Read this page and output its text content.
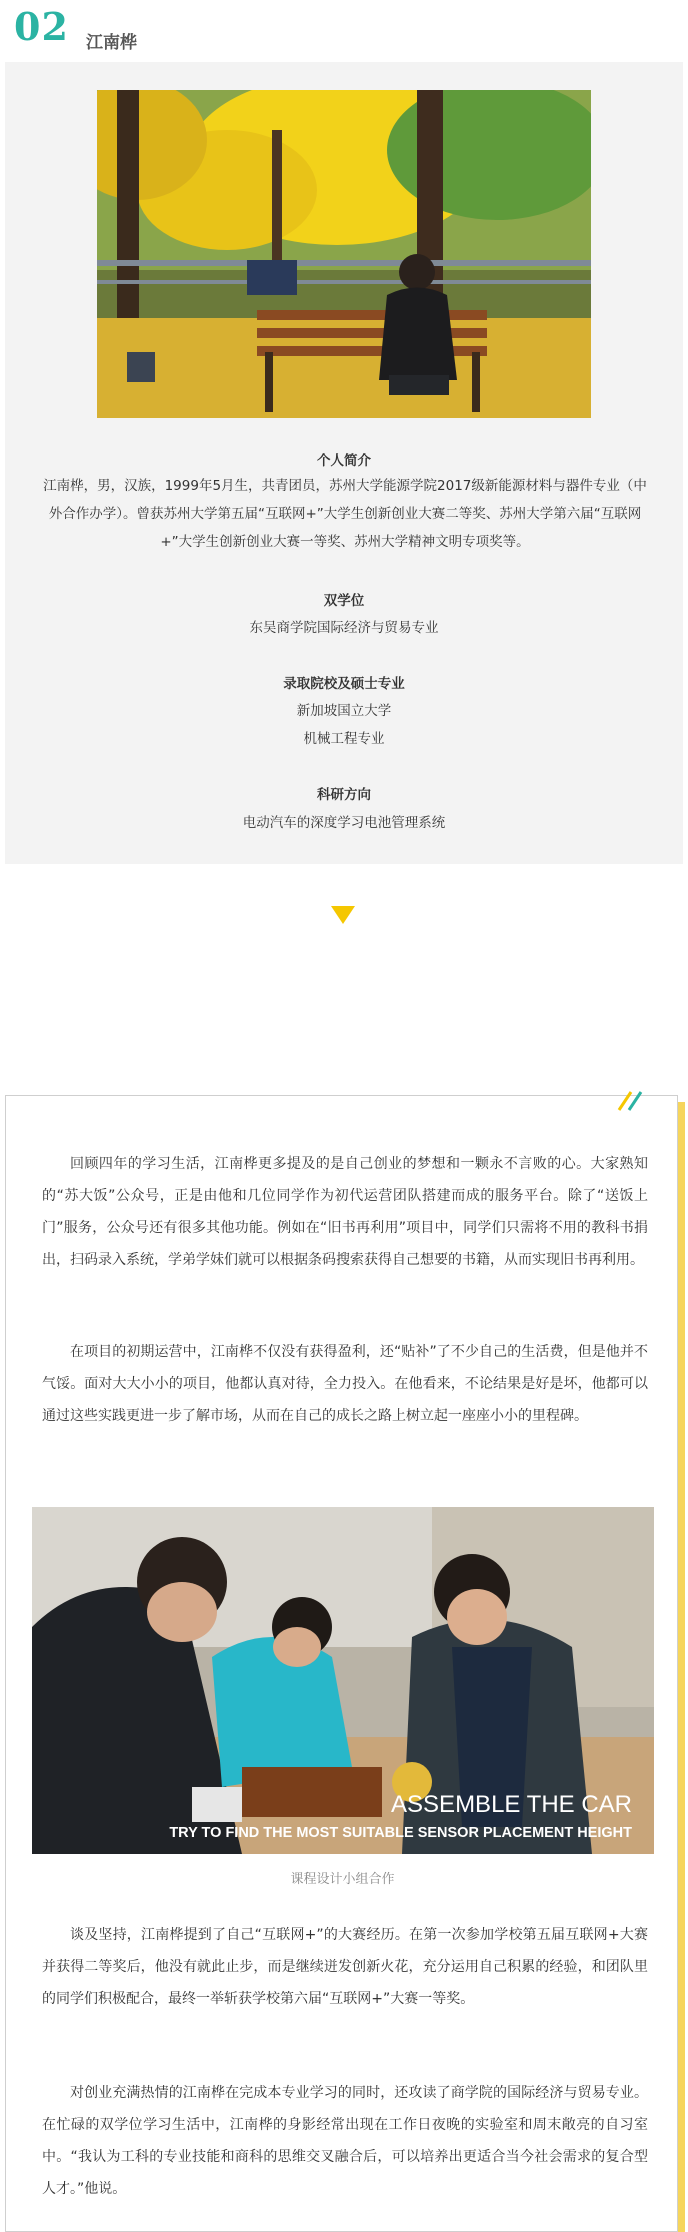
02 江南桦
个人简介
江南桦，男，汉族，1999年5月生，共青团员，苏州大学能源学院2017级新能源材料与器件专业（中外合作办学）。曾获苏州大学第五届“互联网+”大学生创新创业大赛二等奖、苏州大学第六届“互联网+”大学生创新创业大赛一等奖、苏州大学精神文明专项奖等。
双学位
东吴商学院国际经济与贸易专业
录取院校及硕士专业
新加坡国立大学
机械工程专业
科研方向
电动汽车的深度学习电池管理系统

回顾四年的学习生活，江南桦更多提及的是自己创业的梦想和一颗永不言败的心。大家熟知的“苏大饭”公众号，正是由他和几位同学作为初代运营团队搭建而成的服务平台。除了“送饭上门”服务，公众号还有很多其他功能。例如在“旧书再利用”项目中，同学们只需将不用的教科书捐出，扫码录入系统，学弟学妹们就可以根据条码搜索获得自己想要的书籍，从而实现旧书再利用。

在项目的初期运营中，江南桦不仅没有获得盈利，还“贴补”了不少自己的生活费，但是他并不气馁。面对大大小小的项目，他都认真对待，全力投入。在他看来，不论结果是好是坏，他都可以通过这些实践更进一步了解市场，从而在自己的成长之路上树立起一座座小小的里程碑。

ASSEMBLE THE CAR
TRY TO FIND THE MOST SUITABLE SENSOR PLACEMENT HEIGHT
课程设计小组合作

谈及坚持，江南桦提到了自己“互联网+”的大赛经历。在第一次参加学校第五届互联网+大赛并获得二等奖后，他没有就此止步，而是继续迸发创新火花，充分运用自己积累的经验，和团队里的同学们积极配合，最终一举斩获学校第六届“互联网+”大赛一等奖。

对创业充满热情的江南桦在完成本专业学习的同时，还攻读了商学院的国际经济与贸易专业。在忙碌的双学位学习生活中，江南桦的身影经常出现在工作日夜晚的实验室和周末敞亮的自习室中。“我认为工科的专业技能和商科的思维交叉融合后，可以培养出更适合当今社会需求的复合型人才。”他说。
